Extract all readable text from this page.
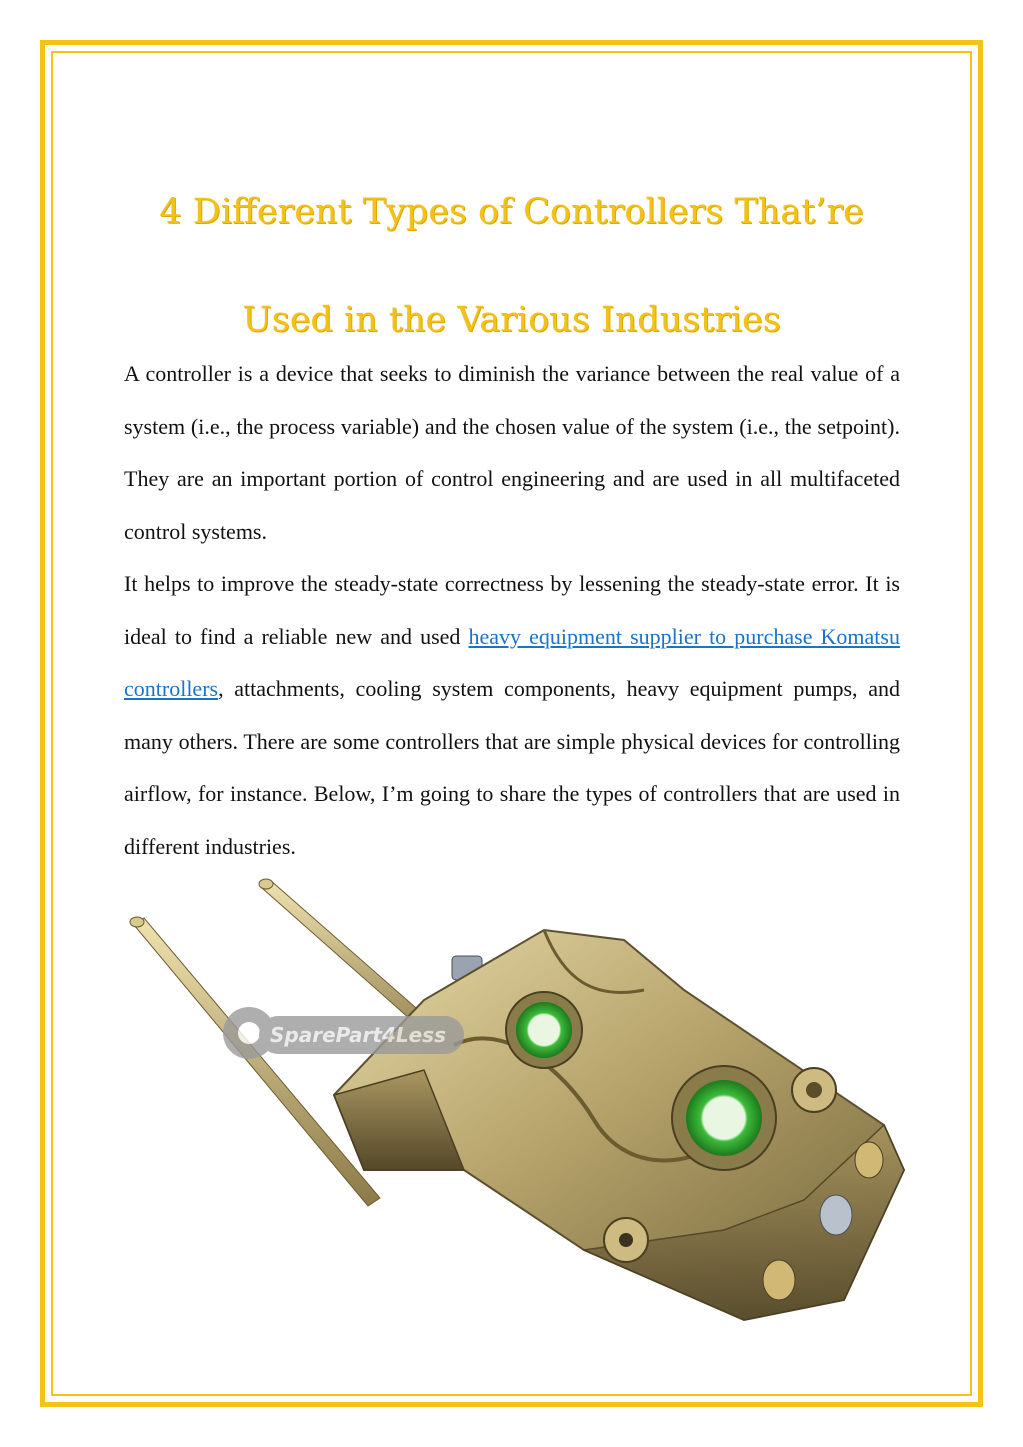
4 Different Types of Controllers That’re
Used in the Various Industries

A controller is a device that seeks to diminish the variance between the real value of a system (i.e., the process variable) and the chosen value of the system (i.e., the setpoint). They are an important portion of control engineering and are used in all multifaceted control systems.

It helps to improve the steady-state correctness by lessening the steady-state error. It is ideal to find a reliable new and used heavy equipment supplier to purchase Komatsu controllers, attachments, cooling system components, heavy equipment pumps, and many others. There are some controllers that are simple physical devices for controlling airflow, for instance. Below, I’m going to share the types of controllers that are used in different industries.

SparePart4Less
